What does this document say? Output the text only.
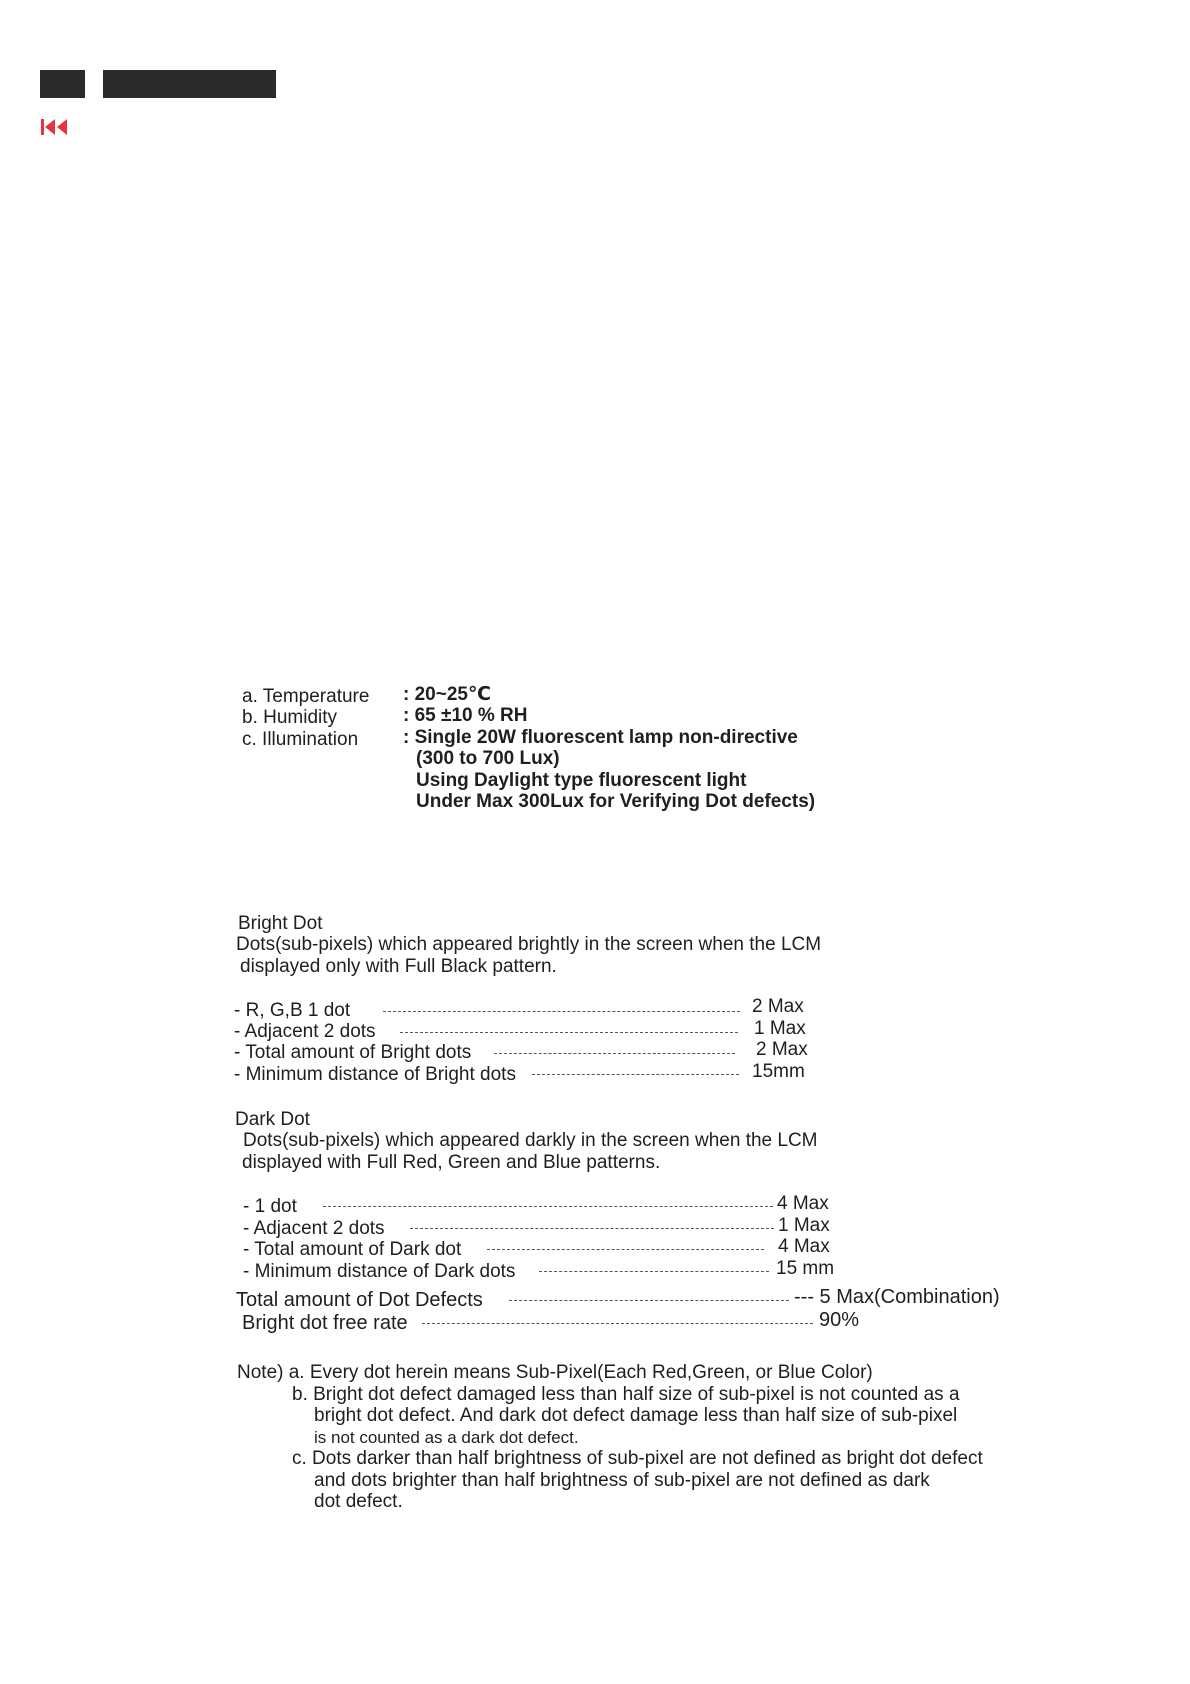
a. Temperature : 20~25℃
b. Humidity	: 65 ±10 % RH
c. Illumination : Single 20W fluorescent lamp non-directive
(300 to 700 Lux)
Using Daylight type fluorescent light
Under Max 300Lux for Verifying Dot defects)
Bright Dot
Dots(sub-pixels) which appeared brightly in the screen when the LCM
displayed only with Full Black pattern.
- R, G,B 1 dot	2 Max
- Adjacent 2 dots	1 Max
- Total amount of Bright dots	2 Max
- Minimum distance of Bright dots	15mm
Dark Dot
Dots(sub-pixels) which appeared darkly in the screen when the LCM
displayed with Full Red, Green and Blue patterns.
- 1 dot	4 Max
- Adjacent 2 dots	1 Max
- Total amount of Dark dot	4 Max
- Minimum distance of Dark dots	15 mm
Total amount of Dot Defects	--- 5 Max(Combination)
Bright dot free rate	90%
Note) a. Every dot herein means Sub-Pixel(Each Red,Green, or Blue Color)
b. Bright dot defect damaged less than half size of sub-pixel is not counted as a
bright dot defect. And dark dot defect damage less than half size of sub-pixel
is not counted as a dark dot defect.
c. Dots darker than half brightness of sub-pixel are not defined as bright dot defect
and dots brighter than half brightness of sub-pixel are not defined as dark
dot defect.
